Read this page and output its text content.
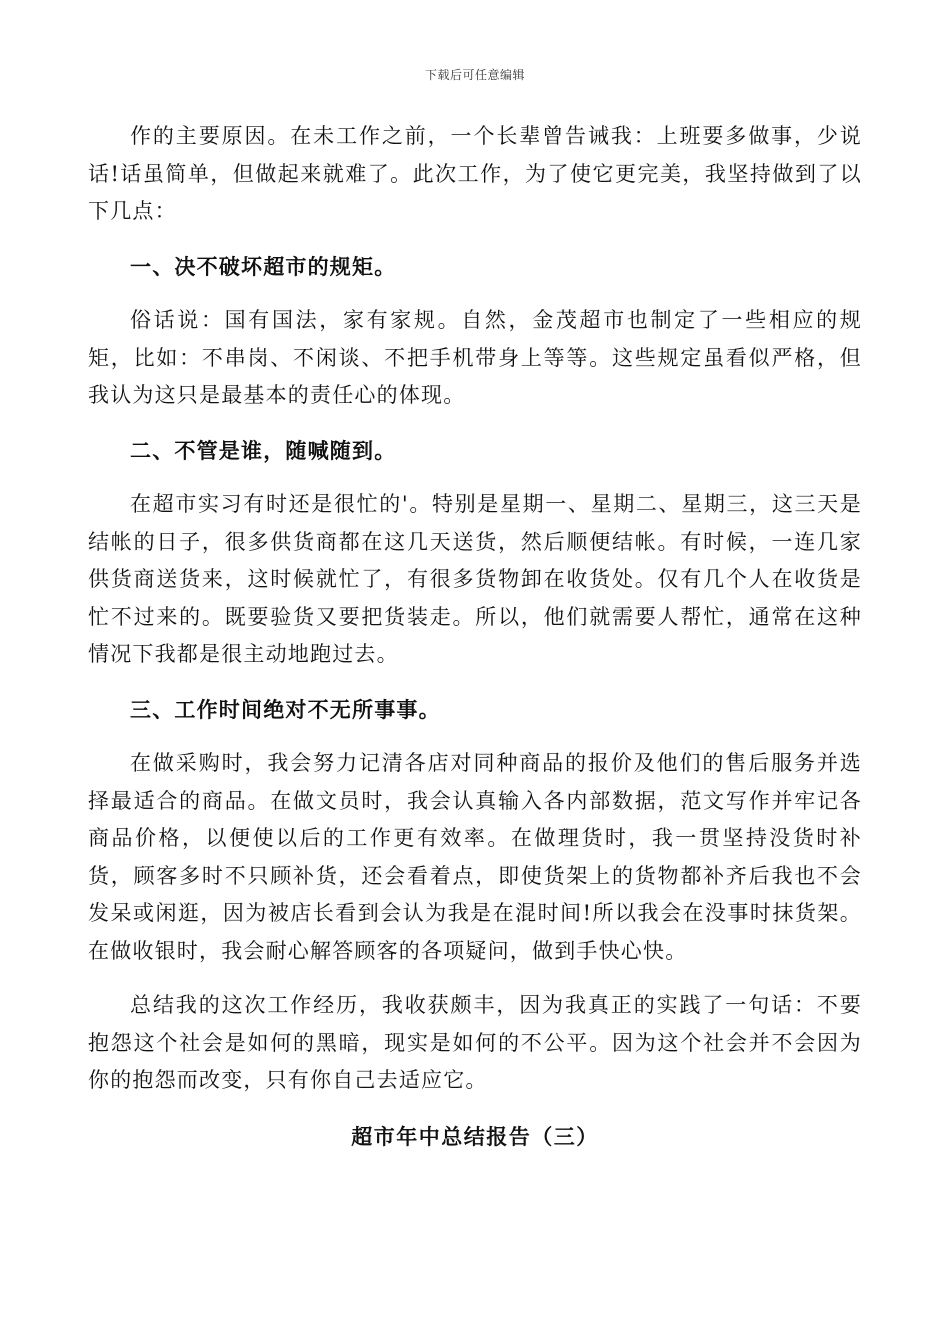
下载后可任意编辑

作的主要原因。在未工作之前，一个长辈曾告诫我：上班要多做事，少说话!话虽简单，但做起来就难了。此次工作，为了使它更完美，我坚持做到了以下几点：

一、决不破坏超市的规矩。

俗话说：国有国法，家有家规。自然，金茂超市也制定了一些相应的规矩，比如：不串岗、不闲谈、不把手机带身上等等。这些规定虽看似严格，但我认为这只是最基本的责任心的体现。

二、不管是谁，随喊随到。

在超市实习有时还是很忙的'。特别是星期一、星期二、星期三，这三天是结帐的日子，很多供货商都在这几天送货，然后顺便结帐。有时候，一连几家供货商送货来，这时候就忙了，有很多货物卸在收货处。仅有几个人在收货是忙不过来的。既要验货又要把货装走。所以，他们就需要人帮忙，通常在这种情况下我都是很主动地跑过去。

三、工作时间绝对不无所事事。

在做采购时，我会努力记清各店对同种商品的报价及他们的售后服务并选择最适合的商品。在做文员时，我会认真输入各内部数据，范文写作并牢记各商品价格，以便使以后的工作更有效率。在做理货时，我一贯坚持没货时补货，顾客多时不只顾补货，还会看着点，即使货架上的货物都补齐后我也不会发呆或闲逛，因为被店长看到会认为我是在混时间!所以我会在没事时抹货架。在做收银时，我会耐心解答顾客的各项疑问，做到手快心快。

总结我的这次工作经历，我收获颇丰，因为我真正的实践了一句话：不要抱怨这个社会是如何的黑暗，现实是如何的不公平。因为这个社会并不会因为你的抱怨而改变，只有你自己去适应它。

超市年中总结报告（三）
